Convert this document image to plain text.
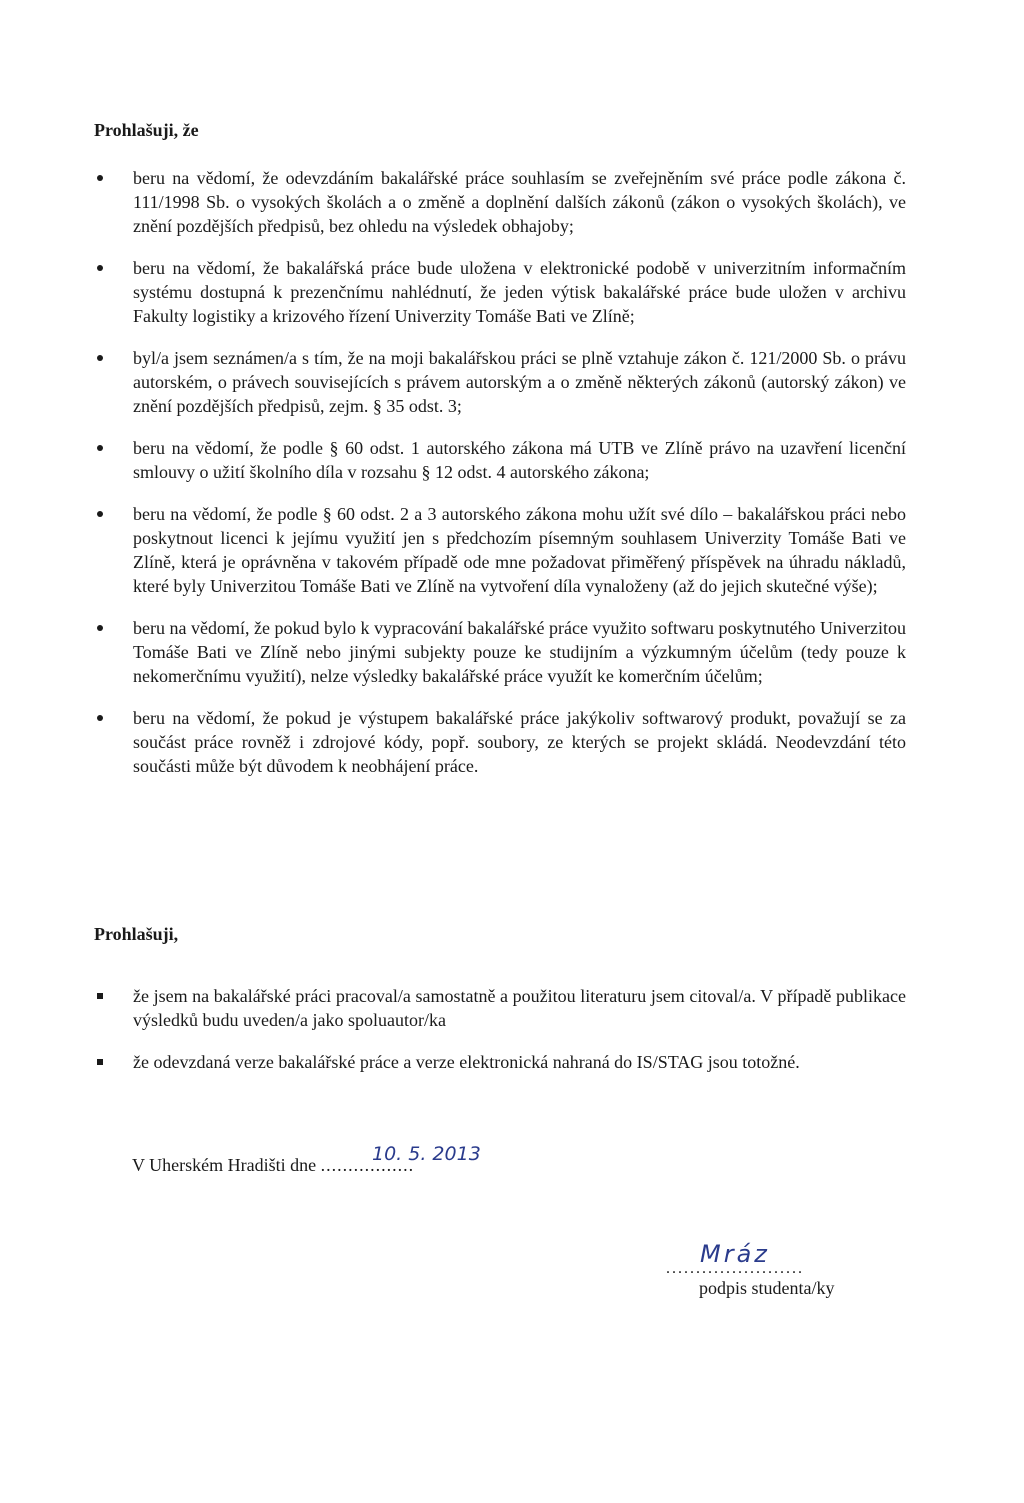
Prohlašuji, že
beru na vědomí, že odevzdáním bakalářské práce souhlasím se zveřejněním své práce podle zákona č. 111/1998 Sb. o vysokých školách a o změně a doplnění dalších zákonů (zákon o vysokých školách), ve znění pozdějších předpisů, bez ohledu na výsledek obhajoby;
beru na vědomí, že bakalářská práce bude uložena v elektronické podobě v univerzitním informačním systému dostupná k prezenčnímu nahlédnutí, že jeden výtisk bakalářské práce bude uložen v archivu Fakulty logistiky a krizového řízení Univerzity Tomáše Bati ve Zlíně;
byl/a jsem seznámen/a s tím, že na moji bakalářskou práci se plně vztahuje zákon č. 121/2000 Sb. o právu autorském, o právech souvisejících s právem autorským a o změně některých zákonů (autorský zákon) ve znění pozdějších předpisů, zejm. § 35 odst. 3;
beru na vědomí, že podle § 60 odst. 1 autorského zákona má UTB ve Zlíně právo na uzavření licenční smlouvy o užití školního díla v rozsahu § 12 odst. 4 autorského zákona;
beru na vědomí, že podle § 60 odst. 2 a 3 autorského zákona mohu užít své dílo – bakalářskou práci nebo poskytnout licenci k jejímu využití jen s předchozím písemným souhlasem Univerzity Tomáše Bati ve Zlíně, která je oprávněna v takovém případě ode mne požadovat přiměřený příspěvek na úhradu nákladů, které byly Univerzitou Tomáše Bati ve Zlíně na vytvoření díla vynaloženy (až do jejich skutečné výše);
beru na vědomí, že pokud bylo k vypracování bakalářské práce využito softwaru poskytnutého Univerzitou Tomáše Bati ve Zlíně nebo jinými subjekty pouze ke studijním a výzkumným účelům (tedy pouze k nekomerčnímu využití), nelze výsledky bakalářské práce využít ke komerčním účelům;
beru na vědomí, že pokud je výstupem bakalářské práce jakýkoliv softwarový produkt, považují se za součást práce rovněž i zdrojové kódy, popř. soubory, ze kterých se projekt skládá. Neodevzdání této součásti může být důvodem k neobhájení práce.
Prohlašuji,
že jsem na bakalářské práci pracoval/a samostatně a použitou literaturu jsem citoval/a. V případě publikace výsledků budu uveden/a jako spoluautor/ka
že odevzdaná verze bakalářské práce a verze elektronická nahraná do IS/STAG jsou totožné.
V Uherském Hradišti dne .................
10. 5. 2013
Mráz
.......................
podpis studenta/ky
